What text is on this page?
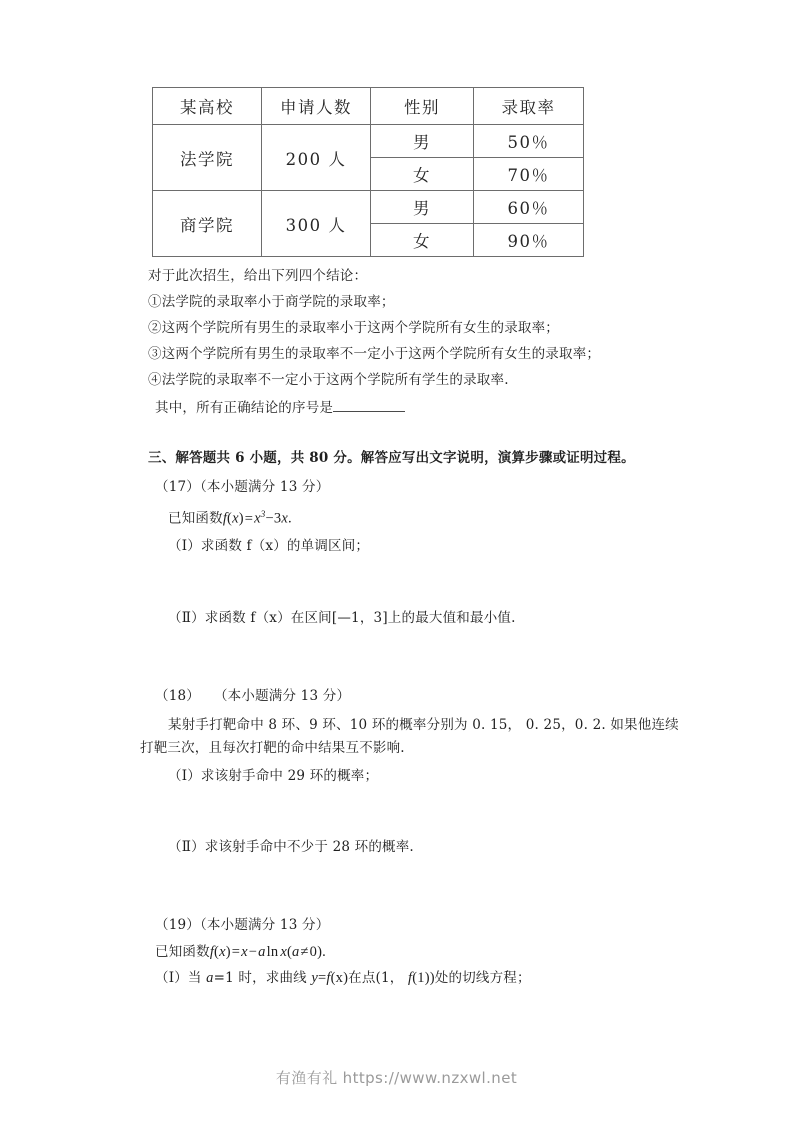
某高校	申请人数	性别	录取率
法学院	200 人	男	50％
		女	70％
商学院	300 人	男	60％
		女	90％
对于此次招生，给出下列四个结论：
①法学院的录取率小于商学院的录取率；
②这两个学院所有男生的录取率小于这两个学院所有女生的录取率；
③这两个学院所有男生的录取率不一定小于这两个学院所有女生的录取率；
④法学院的录取率不一定小于这两个学院所有学生的录取率.
其中，所有正确结论的序号是
三、解答题共 6 小题，共 80 分。解答应写出文字说明，演算步骤或证明过程。
（17）（本小题满分 13 分）
已知函数$f(x)=x^3-3x$.
（Ⅰ）求函数 f（x）的单调区间；
（Ⅱ）求函数 f（x）在区间[—1，3]上的最大值和最小值.
（18） （本小题满分 13 分）
某射手打靶命中 8 环、9 环、10 环的概率分别为 0. 15， 0. 25，0. 2. 如果他连续
打靶三次，且每次打靶的命中结果互不影响.
（Ⅰ）求该射手命中 29 环的概率；
（Ⅱ）求该射手命中不少于 28 环的概率.
（19）（本小题满分 13 分）
已知函数f(x)=x−aln x(a≠0).
（Ⅰ）当 a=1 时，求曲线 y=f(x)在点(1， f(1))处的切线方程；
有渔有礼 https://www.nzxwl.net
